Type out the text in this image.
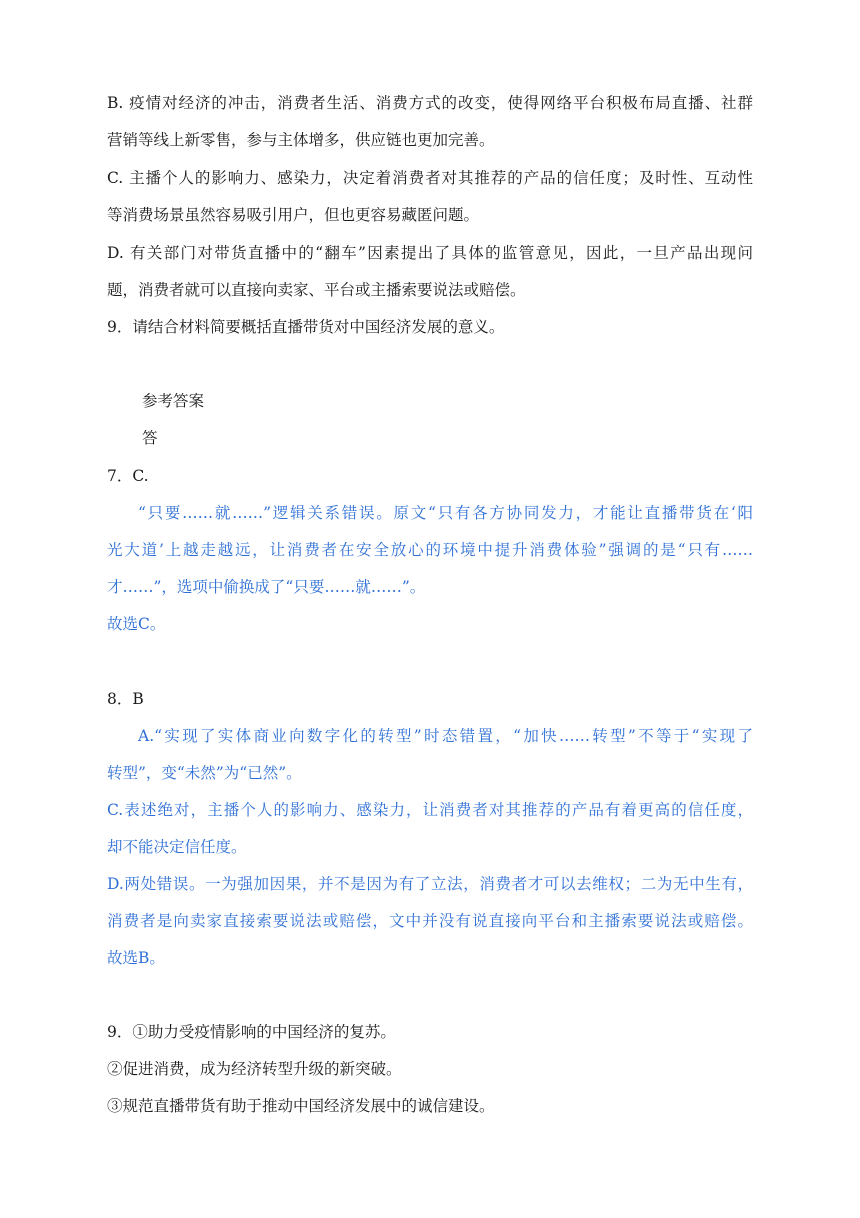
B. 疫情对经济的冲击，消费者生活、消费方式的改变，使得网络平台积极布局直播、社群
营销等线上新零售，参与主体增多，供应链也更加完善。
C. 主播个人的影响力、感染力，决定着消费者对其推荐的产品的信任度；及时性、互动性
等消费场景虽然容易吸引用户，但也更容易藏匿问题。
D. 有关部门对带货直播中的“翻车”因素提出了具体的监管意见，因此，一旦产品出现问
题，消费者就可以直接向卖家、平台或主播索要说法或赔偿。
9．请结合材料简要概括直播带货对中国经济发展的意义。
参考答案
答
7．C.
“只要……就……”逻辑关系错误。原文“只有各方协同发力，才能让直播带货在‘阳
光大道’上越走越远，让消费者在安全放心的环境中提升消费体验”强调的是“只有……
才……”，选项中偷换成了“只要……就……”。
故选C。
8．B
A.“实现了实体商业向数字化的转型”时态错置，“加快……转型”不等于“实现了
转型”，变“未然”为“已然”。
C.表述绝对，主播个人的影响力、感染力，让消费者对其推荐的产品有着更高的信任度，
却不能决定信任度。
D.两处错误。一为强加因果，并不是因为有了立法，消费者才可以去维权；二为无中生有，
消费者是向卖家直接索要说法或赔偿，文中并没有说直接向平台和主播索要说法或赔偿。
故选B。
9．①助力受疫情影响的中国经济的复苏。
②促进消费，成为经济转型升级的新突破。
③规范直播带货有助于推动中国经济发展中的诚信建设。
